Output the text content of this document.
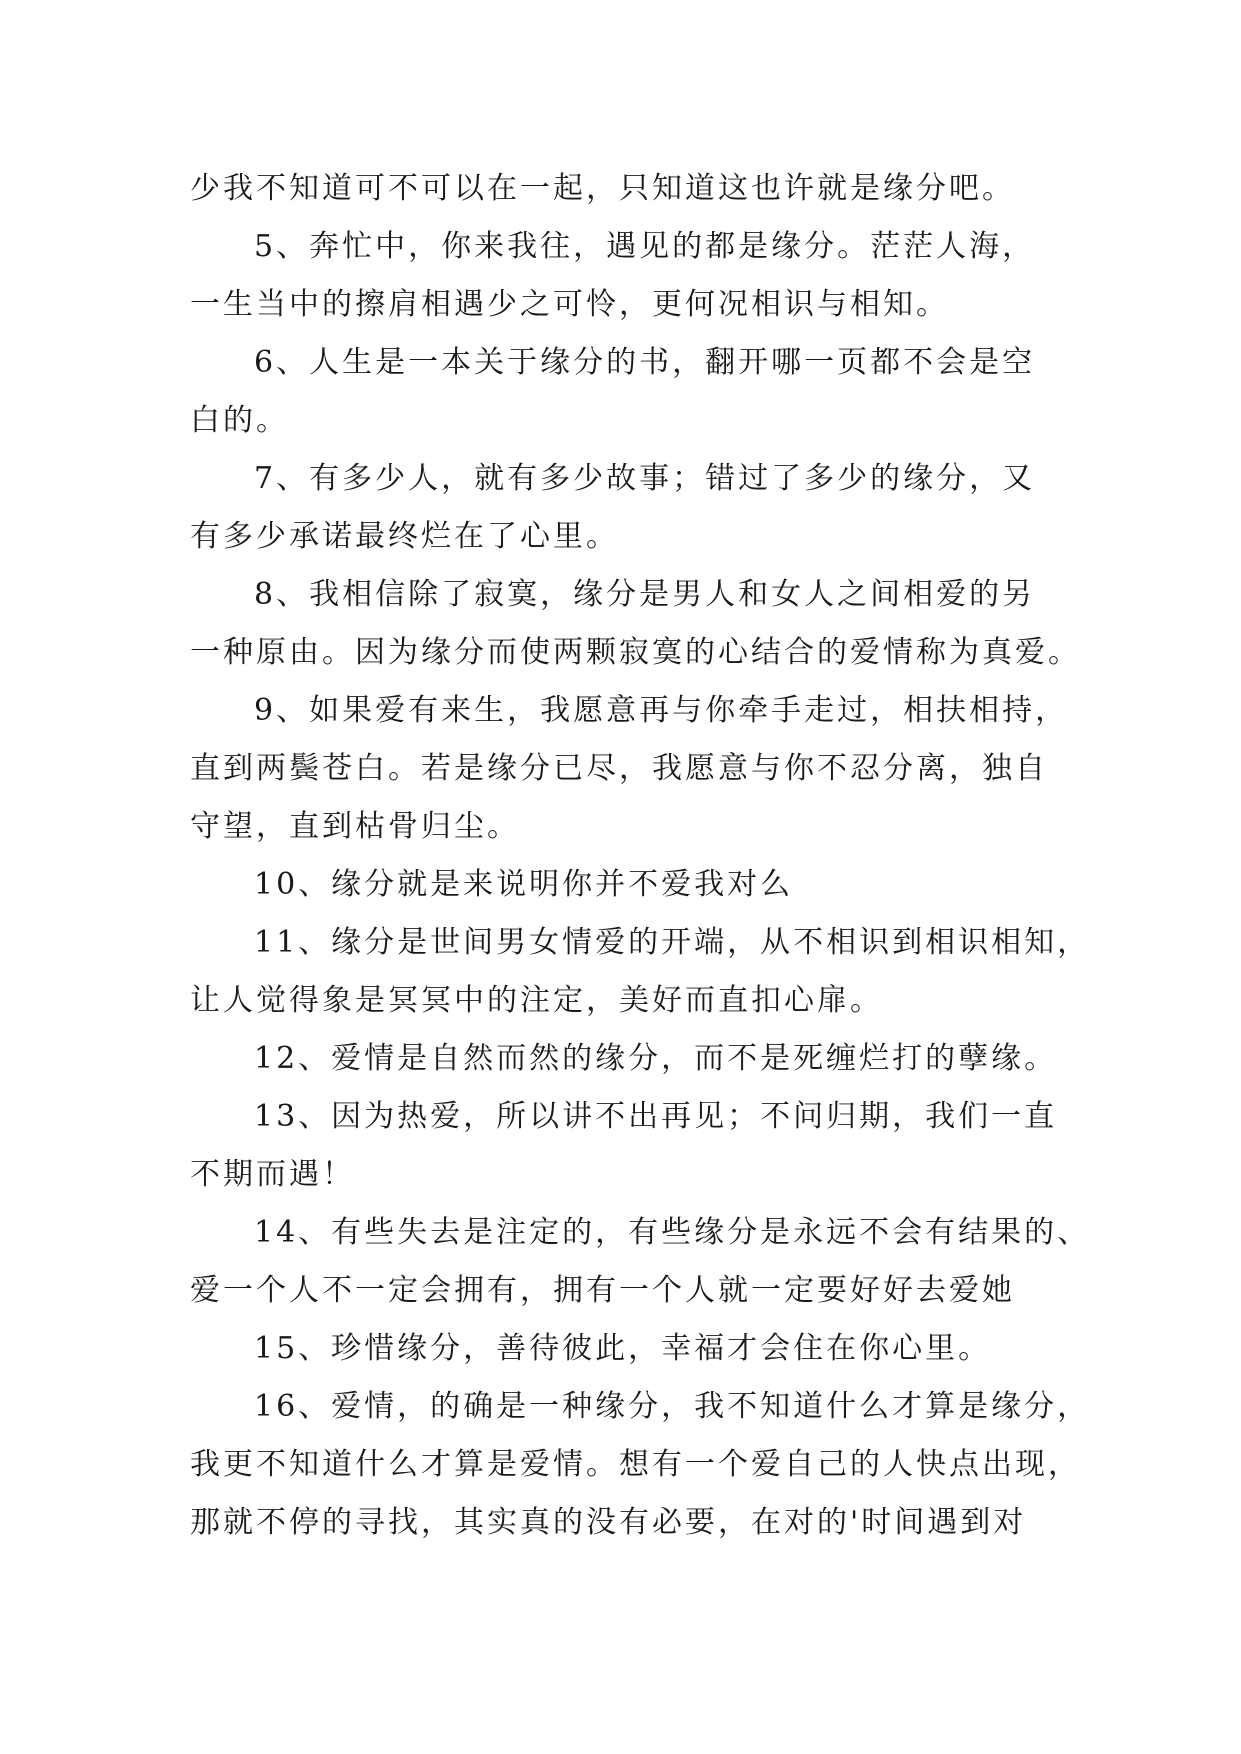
少我不知道可不可以在一起，只知道这也许就是缘分吧。

5、奔忙中，你来我往，遇见的都是缘分。茫茫人海，
一生当中的擦肩相遇少之可怜，更何况相识与相知。

6、人生是一本关于缘分的书，翻开哪一页都不会是空
白的。

7、有多少人，就有多少故事；错过了多少的缘分，又
有多少承诺最终烂在了心里。

8、我相信除了寂寞，缘分是男人和女人之间相爱的另
一种原由。因为缘分而使两颗寂寞的心结合的爱情称为真爱。

9、如果爱有来生，我愿意再与你牵手走过，相扶相持，
直到两鬓苍白。若是缘分已尽，我愿意与你不忍分离，独自
守望，直到枯骨归尘。

10、缘分就是来说明你并不爱我对么

11、缘分是世间男女情爱的开端，从不相识到相识相知，
让人觉得象是冥冥中的注定，美好而直扣心扉。

12、爱情是自然而然的缘分，而不是死缠烂打的孽缘。

13、因为热爱，所以讲不出再见；不问归期，我们一直
不期而遇！

14、有些失去是注定的，有些缘分是永远不会有结果的、
爱一个人不一定会拥有，拥有一个人就一定要好好去爱她

15、珍惜缘分，善待彼此，幸福才会住在你心里。

16、爱情，的确是一种缘分，我不知道什么才算是缘分，
我更不知道什么才算是爱情。想有一个爱自己的人快点出现，
那就不停的寻找，其实真的没有必要，在对的'时间遇到对
